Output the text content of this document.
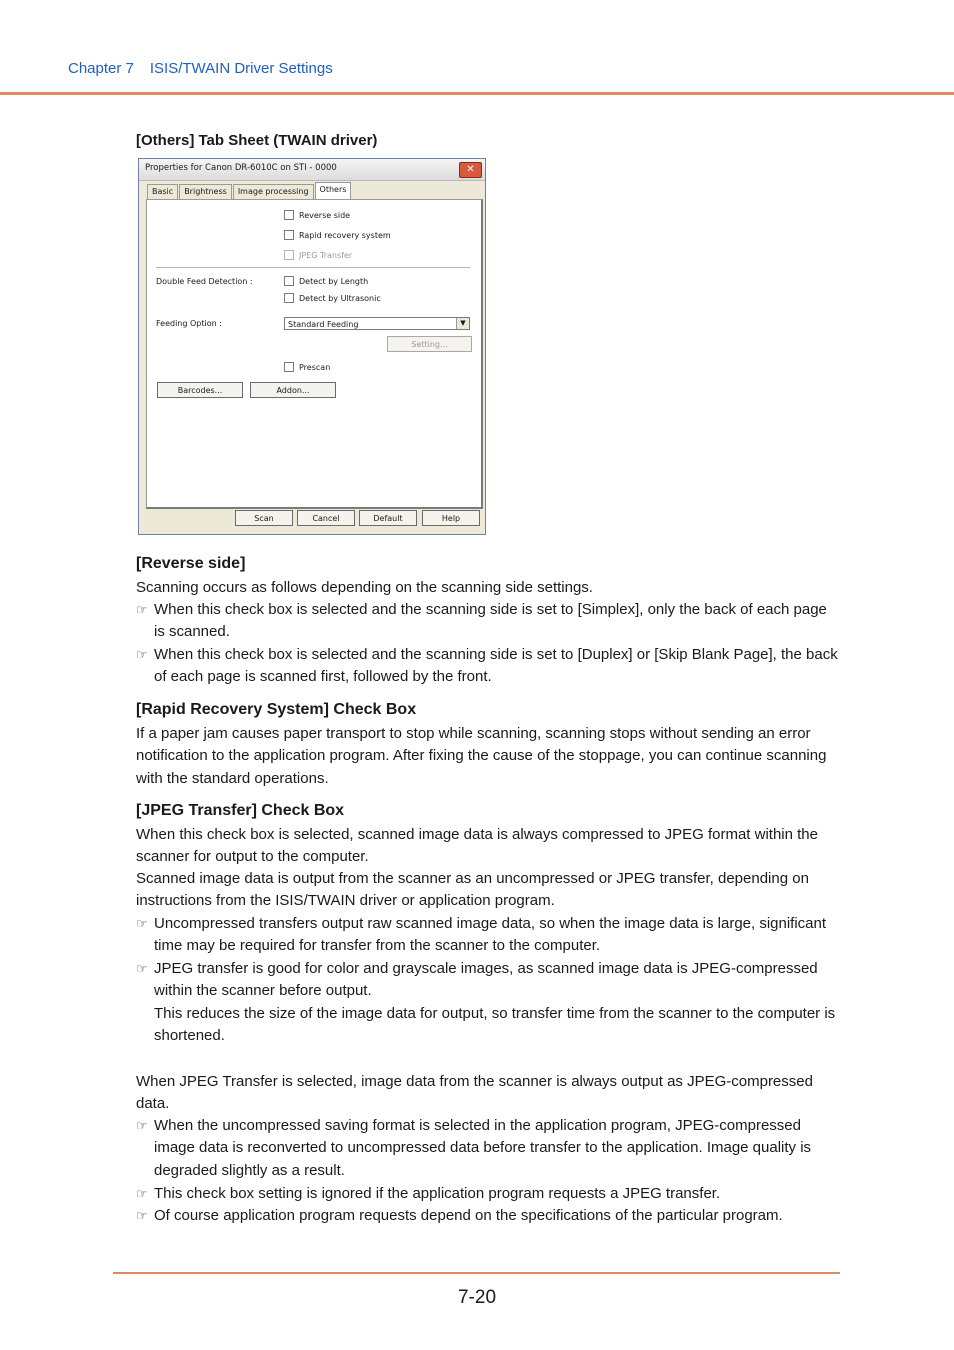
Chapter 7 ISIS/TWAIN Driver Settings
[Others] Tab Sheet (TWAIN driver)
Properties for Canon DR-6010C on STI - 0000	✕
Basic	Brightness	Image processing	Others
Reverse side
Rapid recovery system
JPEG Transfer
Double Feed Detection :	Detect by Length
Detect by Ultrasonic
Feeding Option :	Standard Feeding	▼
Setting...
Prescan
Barcodes...	Addon...
Scan	Cancel	Default	Help
[Reverse side]
Scanning occurs as follows depending on the scanning side settings.
☞ When this check box is selected and the scanning side is set to [Simplex], only the back of each page is scanned.
☞ When this check box is selected and the scanning side is set to [Duplex] or [Skip Blank Page], the back of each page is scanned first, followed by the front.
[Rapid Recovery System] Check Box
If a paper jam causes paper transport to stop while scanning, scanning stops without sending an error notification to the application program. After fixing the cause of the stoppage, you can continue scanning with the standard operations.
[JPEG Transfer] Check Box
When this check box is selected, scanned image data is always compressed to JPEG format within the scanner for output to the computer.
Scanned image data is output from the scanner as an uncompressed or JPEG transfer, depending on instructions from the ISIS/TWAIN driver or application program.
☞ Uncompressed transfers output raw scanned image data, so when the image data is large, significant time may be required for transfer from the scanner to the computer.
☞ JPEG transfer is good for color and grayscale images, as scanned image data is JPEG-compressed within the scanner before output.
This reduces the size of the image data for output, so transfer time from the scanner to the computer is shortened.
When JPEG Transfer is selected, image data from the scanner is always output as JPEG-compressed data.
☞ When the uncompressed saving format is selected in the application program, JPEG-compressed image data is reconverted to uncompressed data before transfer to the application. Image quality is degraded slightly as a result.
☞ This check box setting is ignored if the application program requests a JPEG transfer.
☞ Of course application program requests depend on the specifications of the particular program.
7-20
